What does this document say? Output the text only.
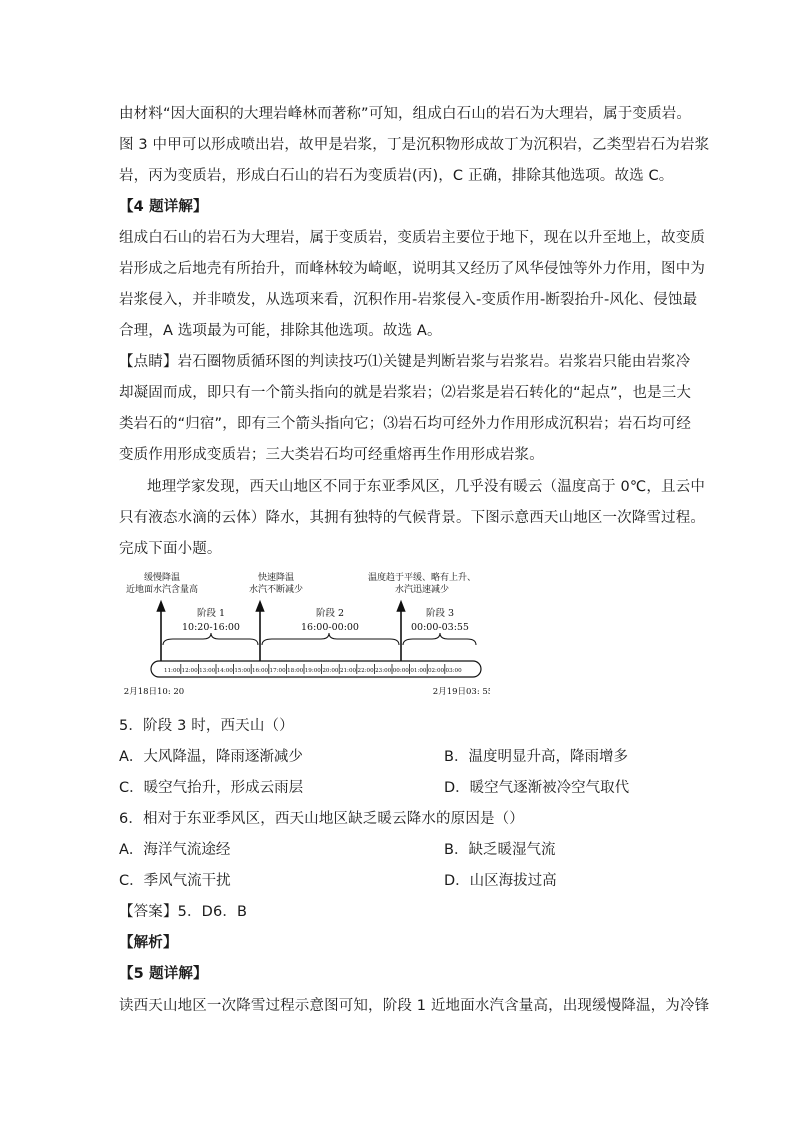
由材料“因大面积的大理岩峰林而著称”可知，组成白石山的岩石为大理岩，属于变质岩。
图 3 中甲可以形成喷出岩，故甲是岩浆，丁是沉积物形成故丁为沉积岩，乙类型岩石为岩浆
岩，丙为变质岩，形成白石山的岩石为变质岩(丙)，C 正确，排除其他选项。故选 C。
【4 题详解】
组成白石山的岩石为大理岩，属于变质岩，变质岩主要位于地下，现在以升至地上，故变质
岩形成之后地壳有所抬升，而峰林较为崎岖，说明其又经历了风华侵蚀等外力作用，图中为
岩浆侵入，并非喷发，从选项来看，沉积作用-岩浆侵入-变质作用-断裂抬升-风化、侵蚀最
合理，A 选项最为可能，排除其他选项。故选 A。
【点睛】岩石圈物质循环图的判读技巧⑴关键是判断岩浆与岩浆岩。岩浆岩只能由岩浆冷
却凝固而成，即只有一个箭头指向的就是岩浆岩；⑵岩浆是岩石转化的“起点”，也是三大
类岩石的“归宿”，即有三个箭头指向它；⑶岩石均可经外力作用形成沉积岩；岩石均可经
变质作用形成变质岩；三大类岩石均可经重熔再生作用形成岩浆。
地理学家发现，西天山地区不同于东亚季风区，几乎没有暖云（温度高于 0℃，且云中
只有液态水滴的云体）降水，其拥有独特的气候背景。下图示意西天山地区一次降雪过程。
完成下面小题。
缓慢降温
近地面水汽含量高
快速降温
水汽不断减少
温度趋于平缓、略有上升、
水汽迅速减少
阶段 1
10:20-16:00
阶段 2
16:00-00:00
阶段 3
00:00-03:55
11:00 12:00 13:00 14:00 15:00 16:00 17:00 18:00 19:00 20:00 21:00 22:00 23:00 00:00 01:00 02:00 03:00
2月18日10: 20	2月19日03: 55
5．阶段 3 时，西天山（）
A．大风降温，降雨逐渐减少	B．温度明显升高，降雨增多
C．暖空气抬升，形成云雨层	D．暖空气逐渐被冷空气取代
6．相对于东亚季风区，西天山地区缺乏暖云降水的原因是（）
A．海洋气流途经	B．缺乏暖湿气流
C．季风气流干扰	D．山区海拔过高
【答案】5．D6．B
【解析】
【5 题详解】
读西天山地区一次降雪过程示意图可知，阶段 1 近地面水汽含量高，出现缓慢降温，为冷锋
